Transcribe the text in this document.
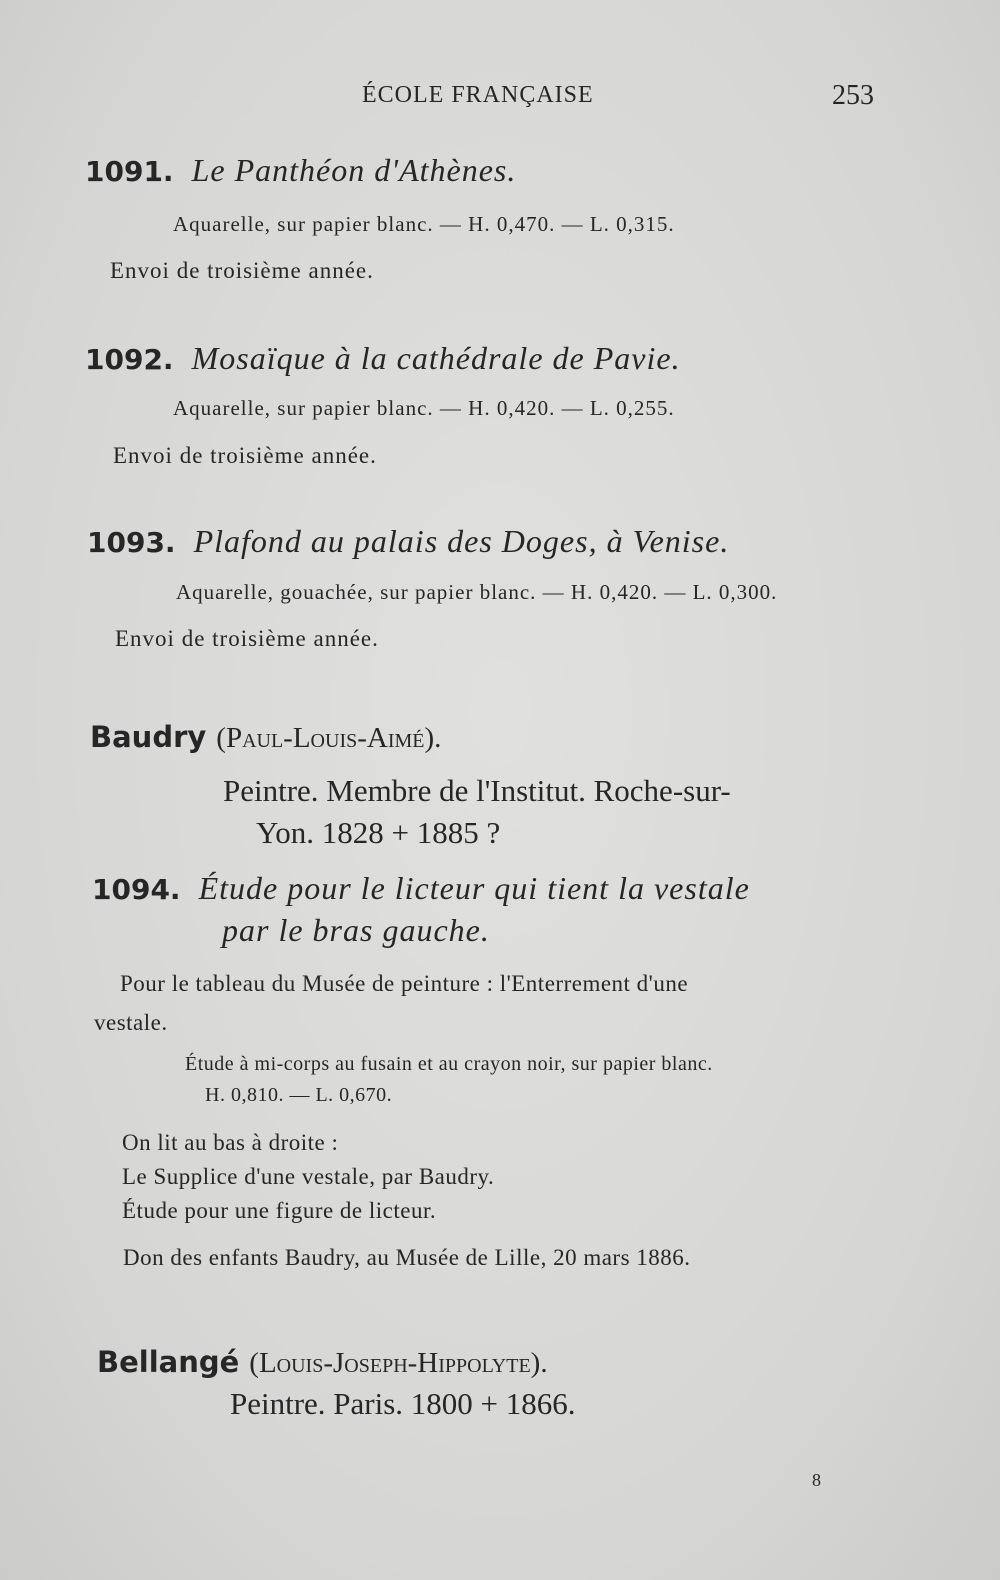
ÉCOLE FRANÇAISE	253
1091. Le Panthéon d'Athènes.
Aquarelle, sur papier blanc. — H. 0,470. — L. 0,315.
Envoi de troisième année.
1092. Mosaïque à la cathédrale de Pavie.
Aquarelle, sur papier blanc. — H. 0,420. — L. 0,255.
Envoi de troisième année.
1093. Plafond au palais des Doges, à Venise.
Aquarelle, gouachée, sur papier blanc. — H. 0,420. — L. 0,300.
Envoi de troisième année.
Baudry (Paul-Louis-Aimé).
Peintre. Membre de l'Institut. Roche-sur-
Yon. 1828 + 1885 ?
1094. Étude pour le licteur qui tient la vestale
par le bras gauche.
Pour le tableau du Musée de peinture : l'Enterrement d'une
vestale.
Étude à mi-corps au fusain et au crayon noir, sur papier blanc.
H. 0,810. — L. 0,670.
On lit au bas à droite :
Le Supplice d'une vestale, par Baudry.
Étude pour une figure de licteur.
Don des enfants Baudry, au Musée de Lille, 20 mars 1886.
Bellangé (Louis-Joseph-Hippolyte).
Peintre. Paris. 1800 + 1866.
8
